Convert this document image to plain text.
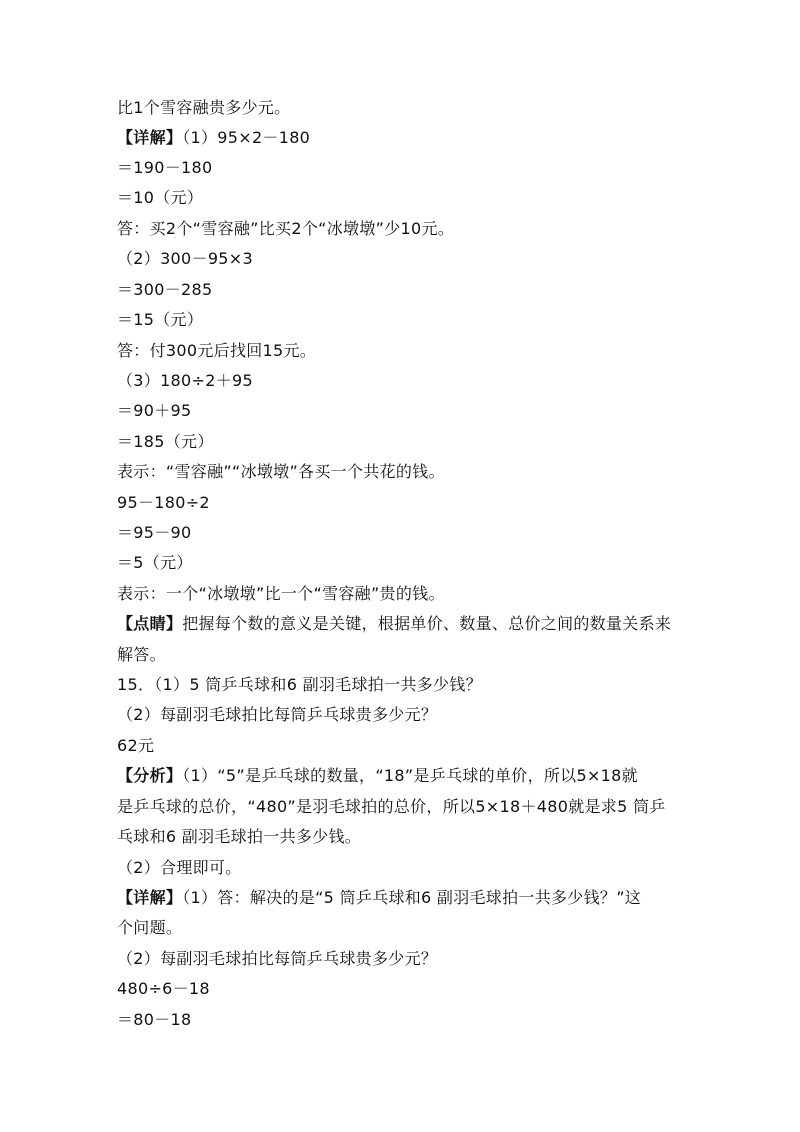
比1个雪容融贵多少元。
【详解】（1）95×2－180
＝190－180
＝10（元）
答：买2个“雪容融”比买2个“冰墩墩”少10元。
（2）300－95×3
＝300－285
＝15（元）
答：付300元后找回15元。
（3）180÷2＋95
＝90＋95
＝185（元）
表示：“雪容融”“冰墩墩”各买一个共花的钱。
95－180÷2
＝95－90
＝5（元）
表示：一个“冰墩墩”比一个“雪容融”贵的钱。
【点睛】把握每个数的意义是关键，根据单价、数量、总价之间的数量关系来
解答。
15．（1）5 筒乒乓球和6 副羽毛球拍一共多少钱？
（2）每副羽毛球拍比每筒乒乓球贵多少元？
62元
【分析】（1）“5”是乒乓球的数量，“18”是乒乓球的单价，所以5×18就
是乒乓球的总价，“480”是羽毛球拍的总价，所以5×18＋480就是求5 筒乒
乓球和6 副羽毛球拍一共多少钱。
（2）合理即可。
【详解】（1）答：解决的是“5 筒乒乓球和6 副羽毛球拍一共多少钱？”这
个问题。
（2）每副羽毛球拍比每筒乒乓球贵多少元？
480÷6－18
＝80－18
